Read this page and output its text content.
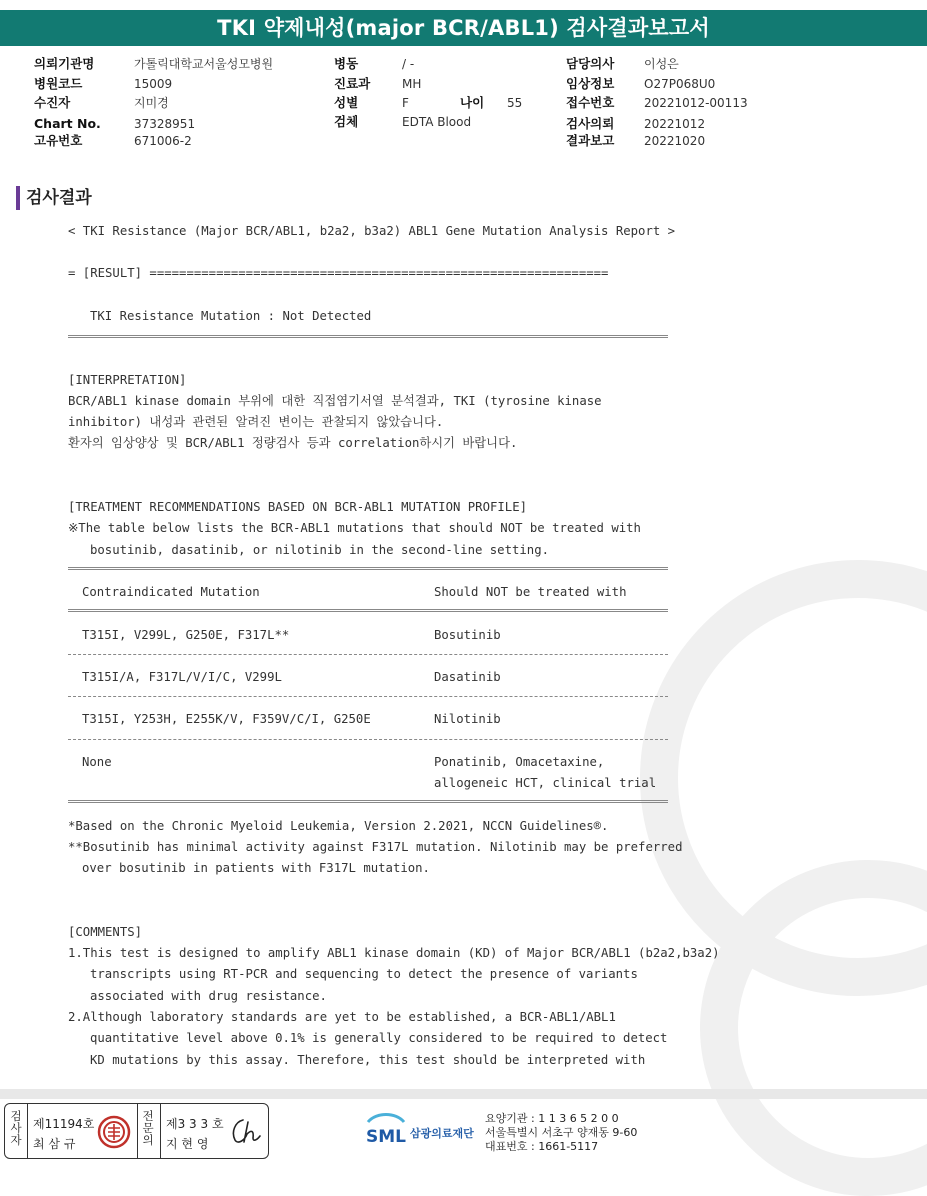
TKI 약제내성(major BCR/ABL1) 검사결과보고서
의뢰기관명	가톨릭대학교서울성모병원
병원코드	15009
수진자	지미경
Chart No.	37328951
고유번호	671006-2
병동	/ -
진료과	MH
성별	F	나이 55
검체	EDTA Blood
담당의사 이성은
임상정보 O27P068U0
접수번호 20221012-00113
검사의뢰 20221012
결과보고 20221020
검사결과
< TKI Resistance (Major BCR/ABL1, b2a2, b3a2) ABL1 Gene Mutation Analysis Report >
= [RESULT] ==============================================================
TKI Resistance Mutation : Not Detected
[INTERPRETATION]
BCR/ABL1 kinase domain 부위에 대한 직접염기서열 분석결과, TKI (tyrosine kinase
inhibitor) 내성과 관련된 알려진 변이는 관찰되지 않았습니다.
환자의 임상양상 및 BCR/ABL1 정량검사 등과 correlation하시기 바랍니다.
[TREATMENT RECOMMENDATIONS BASED ON BCR-ABL1 MUTATION PROFILE]
※The table below lists the BCR-ABL1 mutations that should NOT be treated with
bosutinib, dasatinib, or nilotinib in the second-line setting.
Contraindicated Mutation	Should NOT be treated with
T315I, V299L, G250E, F317L**	Bosutinib
T315I/A, F317L/V/I/C, V299L	Dasatinib
T315I, Y253H, E255K/V, F359V/C/I, G250E	Nilotinib
None	Ponatinib, Omacetaxine,
allogeneic HCT, clinical trial
*Based on the Chronic Myeloid Leukemia, Version 2.2021, NCCN Guidelines®.
**Bosutinib has minimal activity against F317L mutation. Nilotinib may be preferred
over bosutinib in patients with F317L mutation.
[COMMENTS]
1.This test is designed to amplify ABL1 kinase domain (KD) of Major BCR/ABL1 (b2a2,b3a2)
transcripts using RT-PCR and sequencing to detect the presence of variants
associated with drug resistance.
2.Although laboratory standards are yet to be established, a BCR-ABL1/ABL1
quantitative level above 0.1% is generally considered to be required to detect
KD mutations by this assay. Therefore, this test should be interpreted with
검사자
제11194호
최 삼 규
전문의
제3 3 3 호
지 현 영	SML 삼광의료재단
요양기관 : 1 1 3 6 5 2 0 0
서울특별시 서초구 양재동 9-60
대표번호 : 1661-5117
